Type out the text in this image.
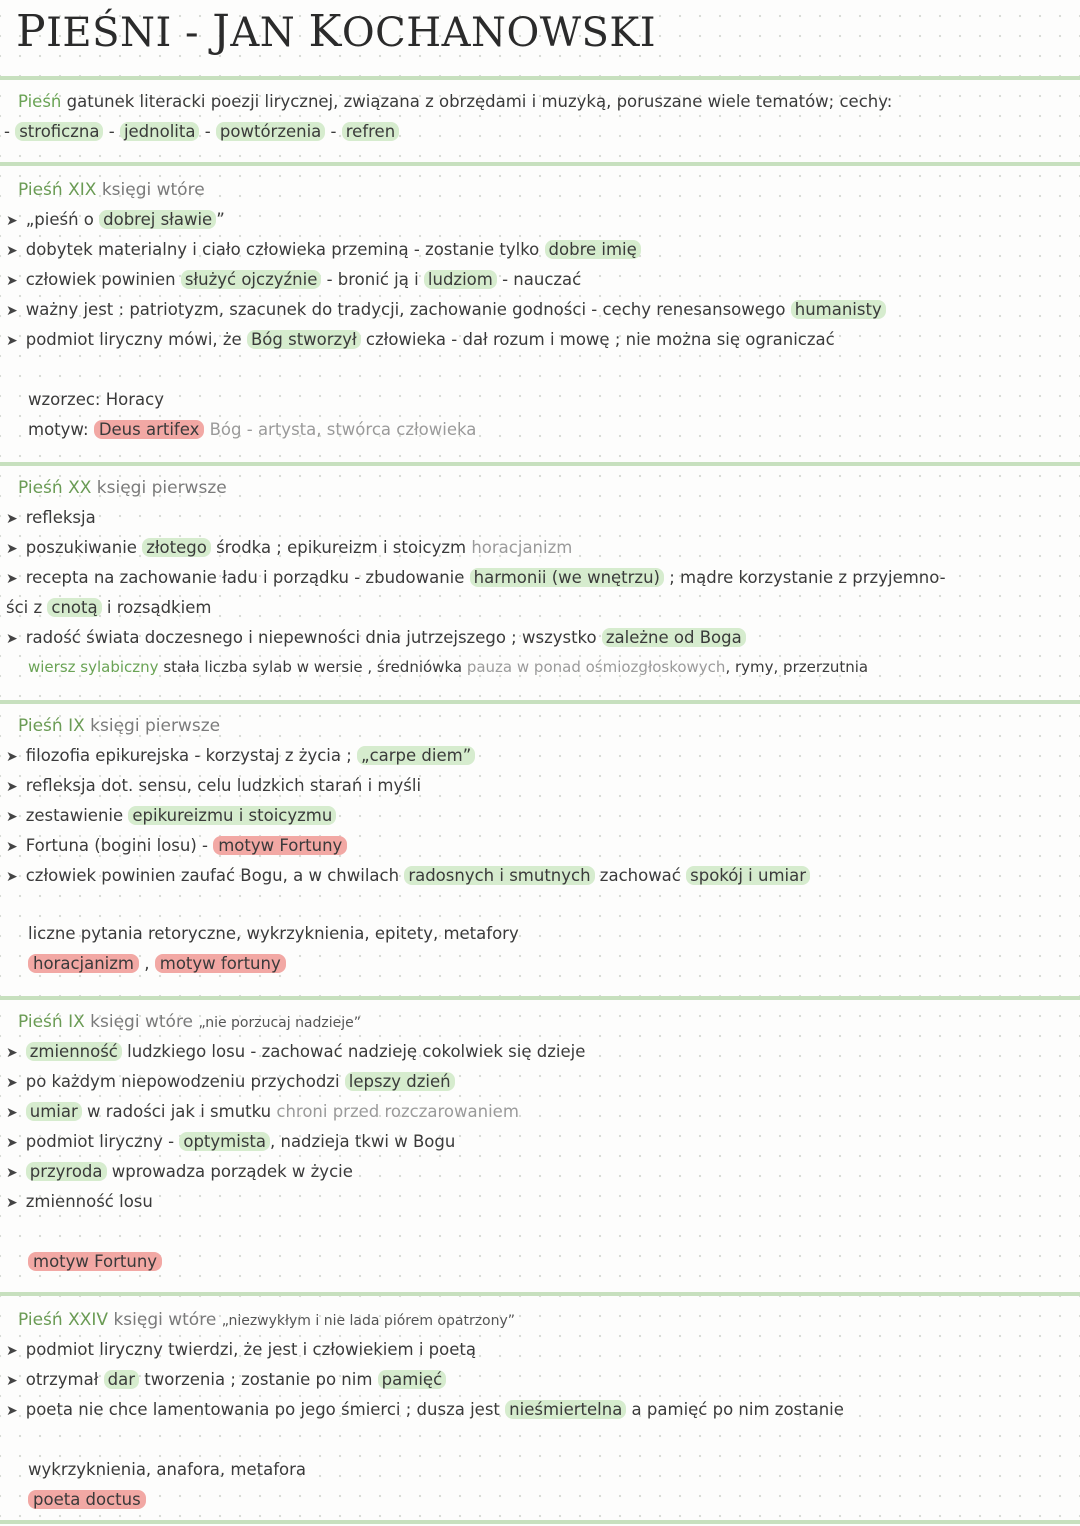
PIEŚNI - JAN KOCHANOWSKI
Pieśń gatunek literacki poezji lirycznej, związana z obrzędami i muzyką, poruszane wiele tematów; cechy:
- stroficzna - jednolita - powtórzenia - refren
Pieśń XIX księgi wtóre
➤ „pieśń o dobrej sławie ”
➤ dobytek materialny i ciało człowieka przeminą - zostanie tylko dobre imię
➤ człowiek powinien służyć ojczyźnie - bronić ją i ludziom - nauczać
➤ ważny jest : patriotyzm, szacunek do tradycji, zachowanie godności - cechy renesansowego humanisty
➤ podmiot liryczny mówi, że Bóg stworzył człowieka - dał rozum i mowę ; nie można się ograniczać
wzorzec: Horacy
motyw: Deus artifex Bóg - artysta, stwórca człowieka
Pieśń XX księgi pierwsze
➤ refleksja
➤ poszukiwanie złotego środka ; epikureizm i stoicyzm horacjanizm
➤ recepta na zachowanie ładu i porządku - zbudowanie harmonii (we wnętrzu) ; mądre korzystanie z przyjemno-
ści z cnotą i rozsądkiem
➤ radość świata doczesnego i niepewności dnia jutrzejszego ; wszystko zależne od Boga
wiersz sylabiczny stała liczba sylab w wersie , średniówka pauza w ponad ośmiozgłoskowych, rymy, przerzutnia
Pieśń IX księgi pierwsze
➤ filozofia epikurejska - korzystaj z życia ; „carpe diem”
➤ refleksja dot. sensu, celu ludzkich starań i myśli
➤ zestawienie epikureizmu i stoicyzmu
➤ Fortuna (bogini losu) - motyw Fortuny
➤ człowiek powinien zaufać Bogu, a w chwilach radosnych i smutnych zachować spokój i umiar
liczne pytania retoryczne, wykrzyknienia, epitety, metafory
horacjanizm , motyw fortuny
Pieśń IX księgi wtóre „nie porzucaj nadzieje”
➤ zmienność ludzkiego losu - zachować nadzieję cokolwiek się dzieje
➤ po każdym niepowodzeniu przychodzi lepszy dzień
➤ umiar w radości jak i smutku chroni przed rozczarowaniem
➤ podmiot liryczny - optymista , nadzieja tkwi w Bogu
➤ przyroda wprowadza porządek w życie
➤ zmienność losu
motyw Fortuny
Pieśń XXIV księgi wtóre „niezwykłym i nie lada piórem opatrzony”
➤ podmiot liryczny twierdzi, że jest i człowiekiem i poetą
➤ otrzymał dar tworzenia ; zostanie po nim pamięć
➤ poeta nie chce lamentowania po jego śmierci ; dusza jest nieśmiertelna a pamięć po nim zostanie
wykrzyknienia, anafora, metafora
poeta doctus
